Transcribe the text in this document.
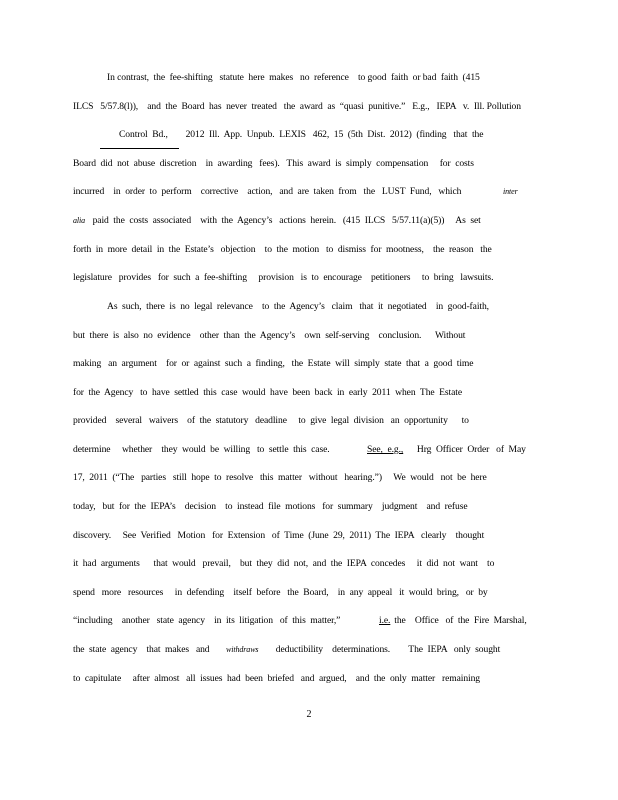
In contrast,  the  fee-shifting   statute  here  makes   no  reference    to good  faith  or bad  faith  (415

ILCS   5/57.8(l)),    and  the  Board  has  never  treated   the  award  as  “quasi  punitive.”   E.g.,   IEPA   v.  Ill. Pollution

Control  Bd.,

2012  Ill.  App.  Unpub.  LEXIS   462,  15  (5th  Dist.  2012)  (finding   that  the

Board  did  not  abuse  discretion    in  awarding   fees).   This  award  is  simply  compensation     for  costs

incurred    in  order  to  perform    corrective    action,   and  are  taken  from   the   LUST  Fund,   which

	inter

alia

paid  the  costs  associated    with  the  Agency’s   actions  herein.   (415  ILCS   5/57.11(a)(5))     As  set

forth  in  more  detail  in  the  Estate’s   objection    to  the  motion   to  dismiss  for  mootness,    the  reason   the

legislature   provides   for  such  a  fee-shifting     provision   is  to  encourage    petitioners     to  bring   lawsuits.

As  such,  there  is  no  legal  relevance    to  the  Agency’s   claim   that  it  negotiated    in  good-faith,

but  there  is  also  no  evidence    other  than  the  Agency’s    own  self-serving    conclusion.      Without

making   an  argument    for  or  against  such  a  finding,   the  Estate  will  simply  state  that  a  good  time

for  the  Agency   to  have  settled  this  case  would  have  been  back  in  early  2011  when  The  Estate

provided    several   waivers    of  the  statutory   deadline     to  give  legal  division   an  opportunity      to

determine     whether    they  would  be  willing   to  settle  this  case.

	See,  e.g.,

Hrg  Officer  Order   of  May

17,  2011  (“The   parties   still  hope  to  resolve   this  matter   without   hearing.”)     We  would   not  be  here

today,   but  for  the  IEPA’s    decision    to  instead  file  motions   for  summary    judgment    and  refuse

discovery.     See  Verified   Motion   for  Extension   of  Time  (June  29,  2011)  The  IEPA   clearly    thought

it  had  arguments      that  would   prevail,    but  they  did  not,  and  the  IEPA  concedes     it  did  not  want    to

spend   more   resources     in  defending    itself  before   the  Board,    in  any  appeal   it  would  bring,   or  by

“including    another   state  agency    in  its  litigation   of  this  matter,”

	i.e.

the    Office   of  the  Fire  Marshal,

the  state  agency    that  makes   and

withdraws

deductibility    determinations.        The  IEPA   only  sought

to  capitulate     after  almost   all  issues  had  been  briefed   and  argued,    and  the  only  matter   remaining

2
